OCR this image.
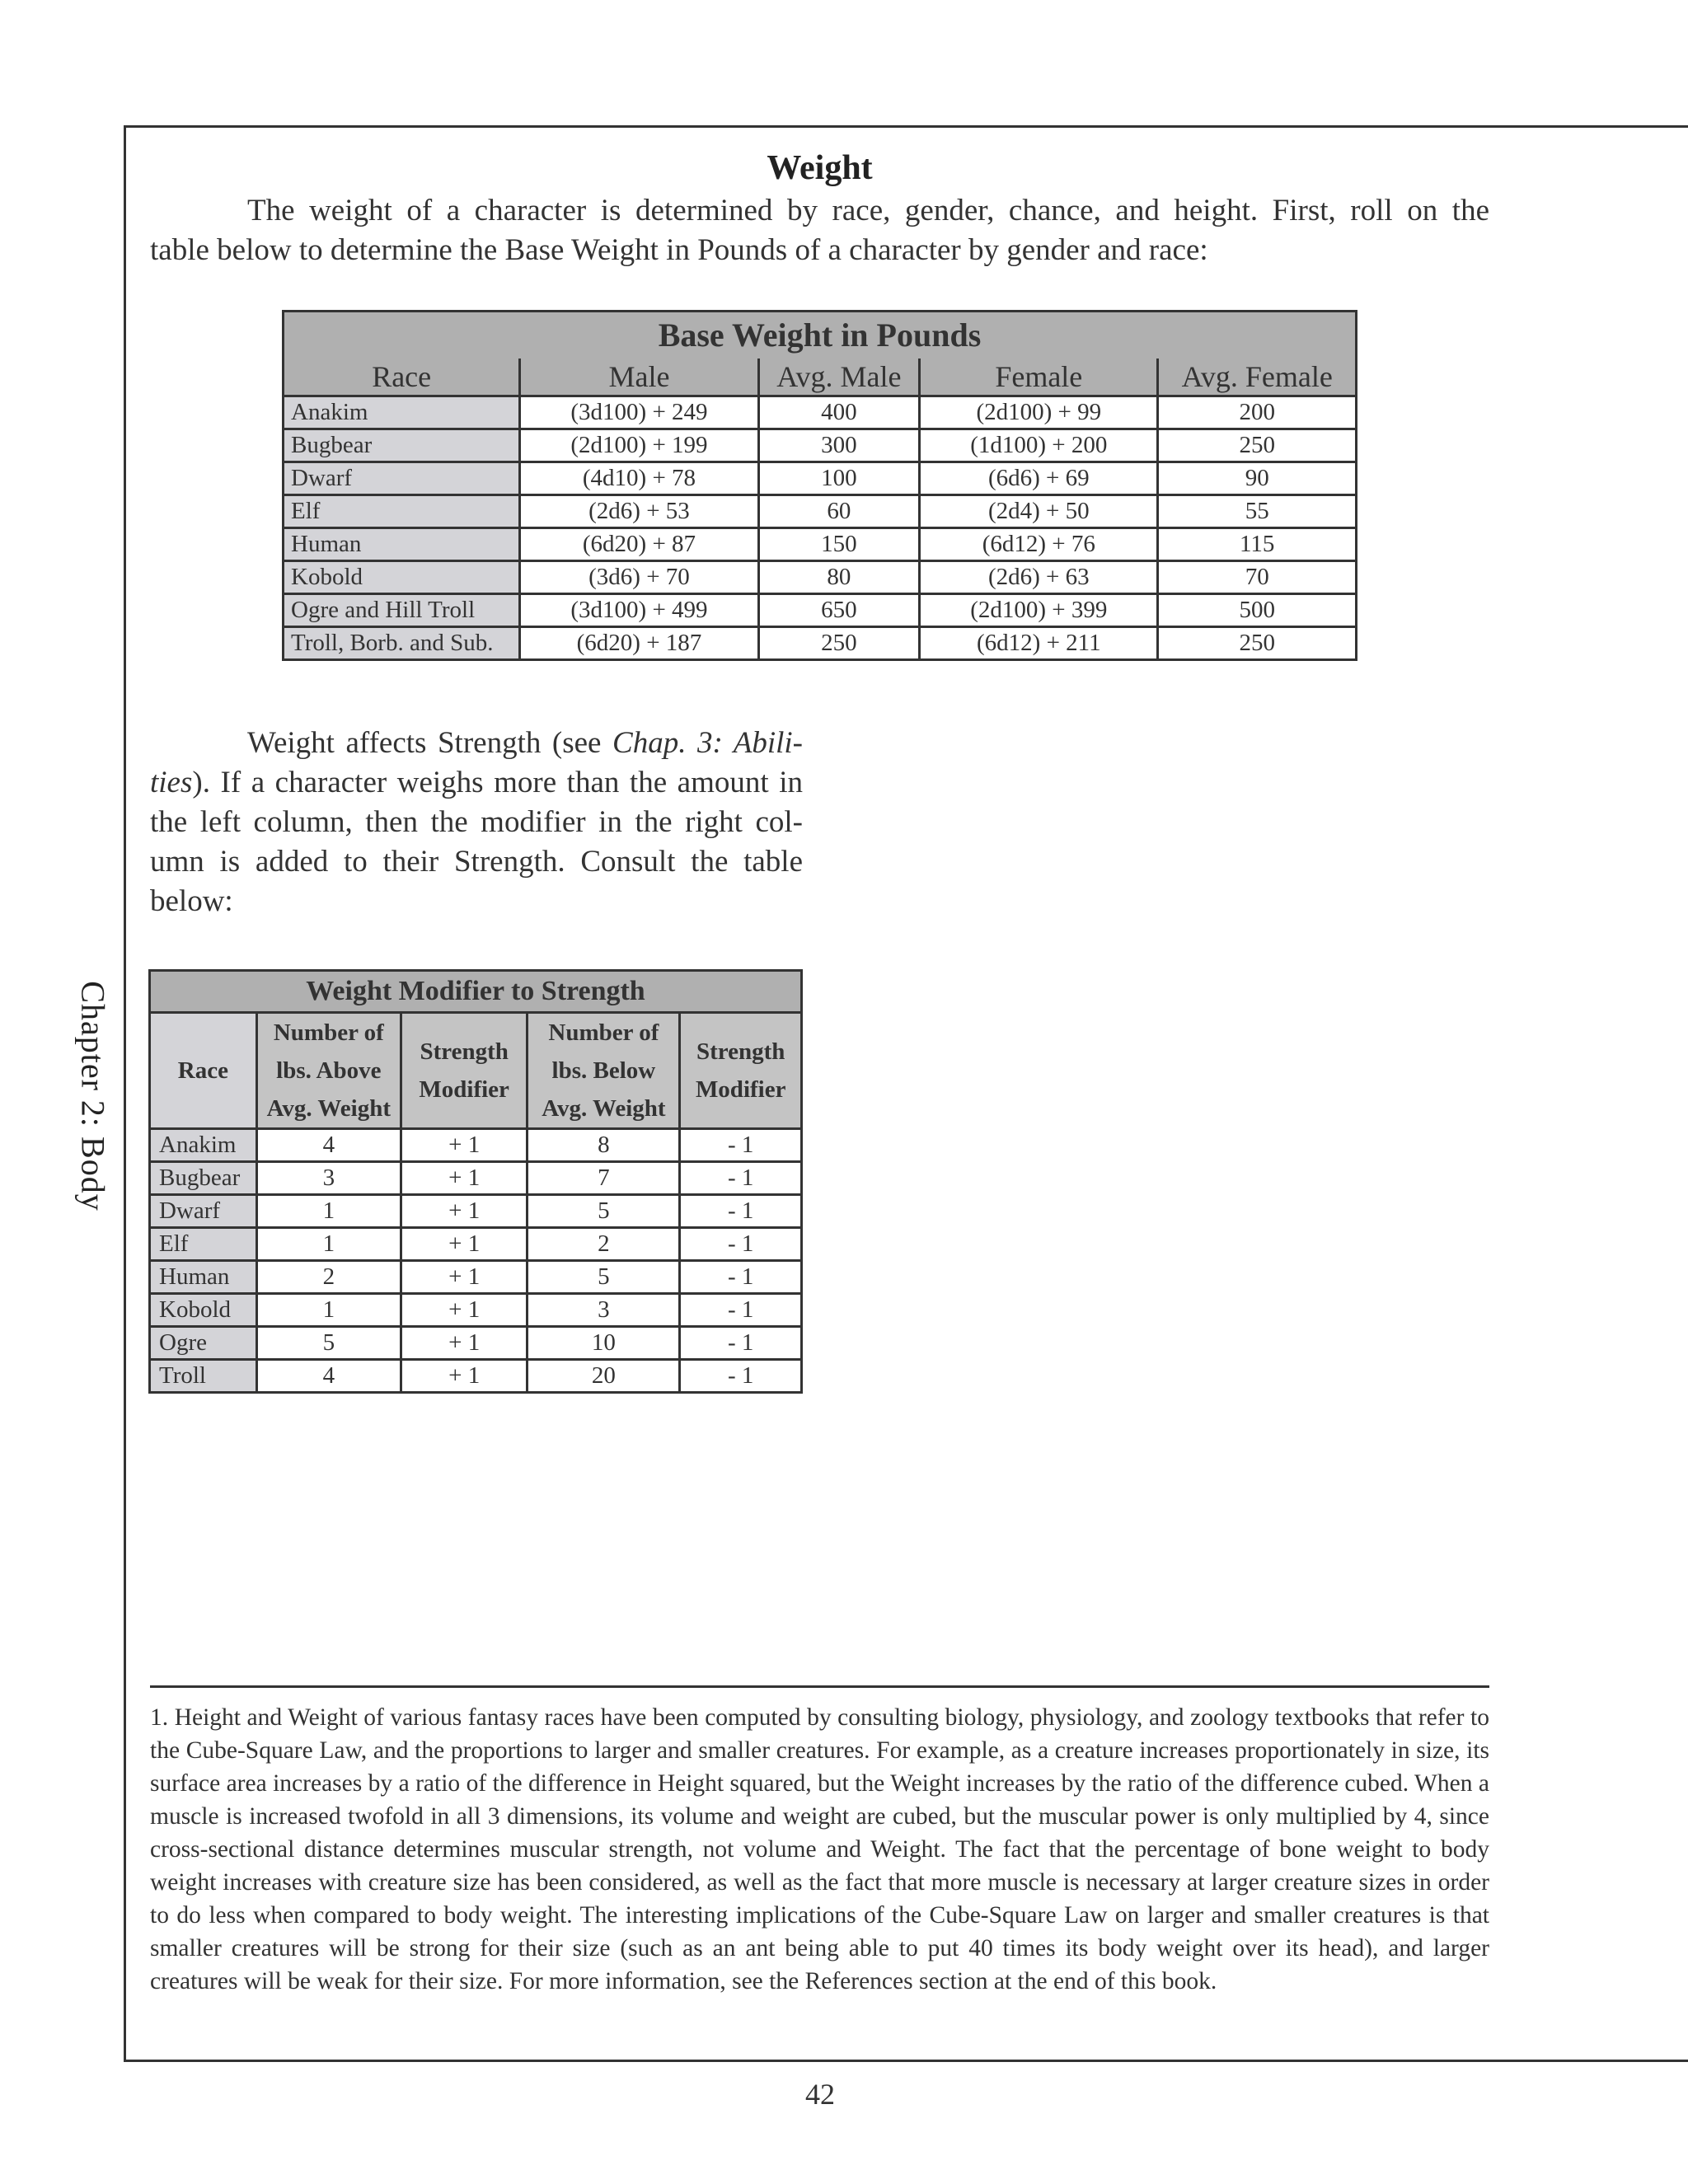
Chapter 2: Body
Weight
The weight of a character is determined by race, gender, chance, and height. First, roll on the
table below to determine the Base Weight in Pounds of a character by gender and race:
Base Weight in Pounds				
Race	Male	Avg. Male	Female	Avg. Female
Anakim	(3d100) + 249	400	(2d100) + 99	200
Bugbear	(2d100) + 199	300	(1d100) + 200	250
Dwarf	(4d10) + 78	100	(6d6) + 69	90
Elf	(2d6) + 53	60	(2d4) + 50	55
Human	(6d20) + 87	150	(6d12) + 76	115
Kobold	(3d6) + 70	80	(2d6) + 63	70
Ogre and Hill Troll	(3d100) + 499	650	(2d100) + 399	500
Troll, Borb. and Sub.	(6d20) + 187	250	(6d12) + 211	250
Weight affects Strength (see Chap. 3: Abili-ties). If a character weighs more than the amount in the left column, then the modifier in the right col-umn is added to their Strength. Consult the table below:
Weight Modifier to Strength				
Race	Number of
lbs. Above
Avg. Weight	Strength
Modifier	Number of
lbs. Below
Avg. Weight	Strength
Modifier
Anakim	4	+ 1	8	- 1
Bugbear	3	+ 1	7	- 1
Dwarf	1	+ 1	5	- 1
Elf	1	+ 1	2	- 1
Human	2	+ 1	5	- 1
Kobold	1	+ 1	3	- 1
Ogre	5	+ 1	10	- 1
Troll	4	+ 1	20	- 1
1. Height and Weight of various fantasy races have been computed by consulting biology, physiology, and zoology textbooks that refer to the Cube-Square Law, and the proportions to larger and smaller creatures. For example, as a creature increases proportionately in size, its surface area increases by a ratio of the difference in Height squared, but the Weight increases by the ratio of the difference cubed. When a muscle is increased twofold in all 3 dimensions, its volume and weight are cubed, but the muscular power is only multiplied by 4, since cross-sectional distance determines muscular strength, not volume and Weight. The fact that the percentage of bone weight to body weight increases with creature size has been considered, as well as the fact that more muscle is necessary at larger creature sizes in order to do less when compared to body weight. The interesting implications of the Cube-Square Law on larger and smaller creatures is that smaller creatures will be strong for their size (such as an ant being able to put 40 times its body weight over its head), and larger creatures will be weak for their size. For more information, see the References section at the end of this book.
42
